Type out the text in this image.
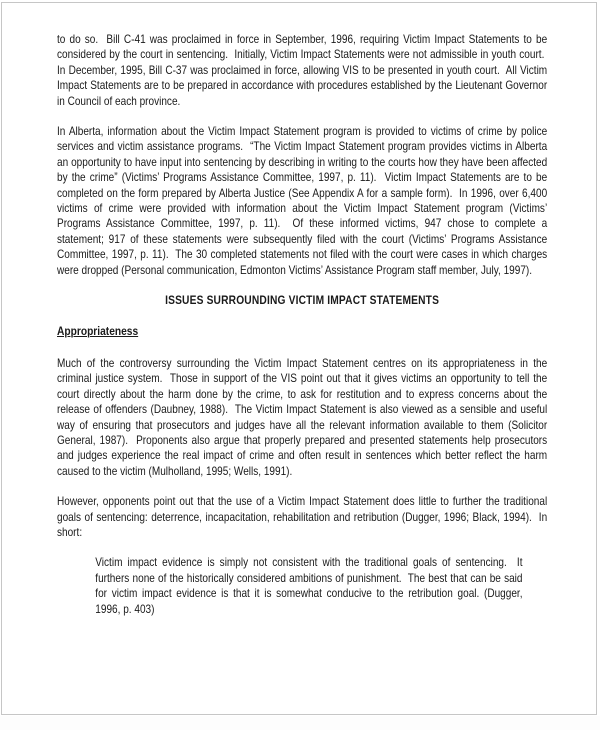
to do so.  Bill C-41 was proclaimed in force in September, 1996, requiring Victim Impact Statements to be considered by the court in sentencing.  Initially, Victim Impact Statements were not admissible in youth court.  In December, 1995, Bill C-37 was proclaimed in force, allowing VIS to be presented in youth court.  All Victim Impact Statements are to be prepared in accordance with procedures established by the Lieutenant Governor in Council of each province.

In Alberta, information about the Victim Impact Statement program is provided to victims of crime by police services and victim assistance programs.  “The Victim Impact Statement program provides victims in Alberta an opportunity to have input into sentencing by describing in writing to the courts how they have been affected by the crime” (Victims’ Programs Assistance Committee, 1997, p. 11).  Victim Impact Statements are to be completed on the form prepared by Alberta Justice (See Appendix A for a sample form).  In 1996, over 6,400 victims of crime were provided with information about the Victim Impact Statement program (Victims’ Programs Assistance Committee, 1997, p. 11).  Of these informed victims, 947 chose to complete a statement; 917 of these statements were subsequently filed with the court (Victims’ Programs Assistance Committee, 1997, p. 11).  The 30 completed statements not filed with the court were cases in which charges were dropped (Personal communication, Edmonton Victims’ Assistance Program staff member, July, 1997).

ISSUES SURROUNDING VICTIM IMPACT STATEMENTS
Appropriateness

Much of the controversy surrounding the Victim Impact Statement centres on its appropriateness in the criminal justice system.  Those in support of the VIS point out that it gives victims an opportunity to tell the court directly about the harm done by the crime, to ask for restitution and to express concerns about the release of offenders (Daubney, 1988).  The Victim Impact Statement is also viewed as a sensible and useful way of ensuring that prosecutors and judges have all the relevant information available to them (Solicitor General, 1987).  Proponents also argue that properly prepared and presented statements help prosecutors and judges experience the real impact of crime and often result in sentences which better reflect the harm caused to the victim (Mulholland, 1995; Wells, 1991).

However, opponents point out that the use of a Victim Impact Statement does little to further the traditional goals of sentencing: deterrence, incapacitation, rehabilitation and retribution (Dugger, 1996; Black, 1994).  In short:

Victim impact evidence is simply not consistent with the traditional goals of sentencing.  It furthers none of the historically considered ambitions of punishment.  The best that can be said for victim impact evidence is that it is somewhat conducive to the retribution goal. (Dugger, 1996, p. 403)
